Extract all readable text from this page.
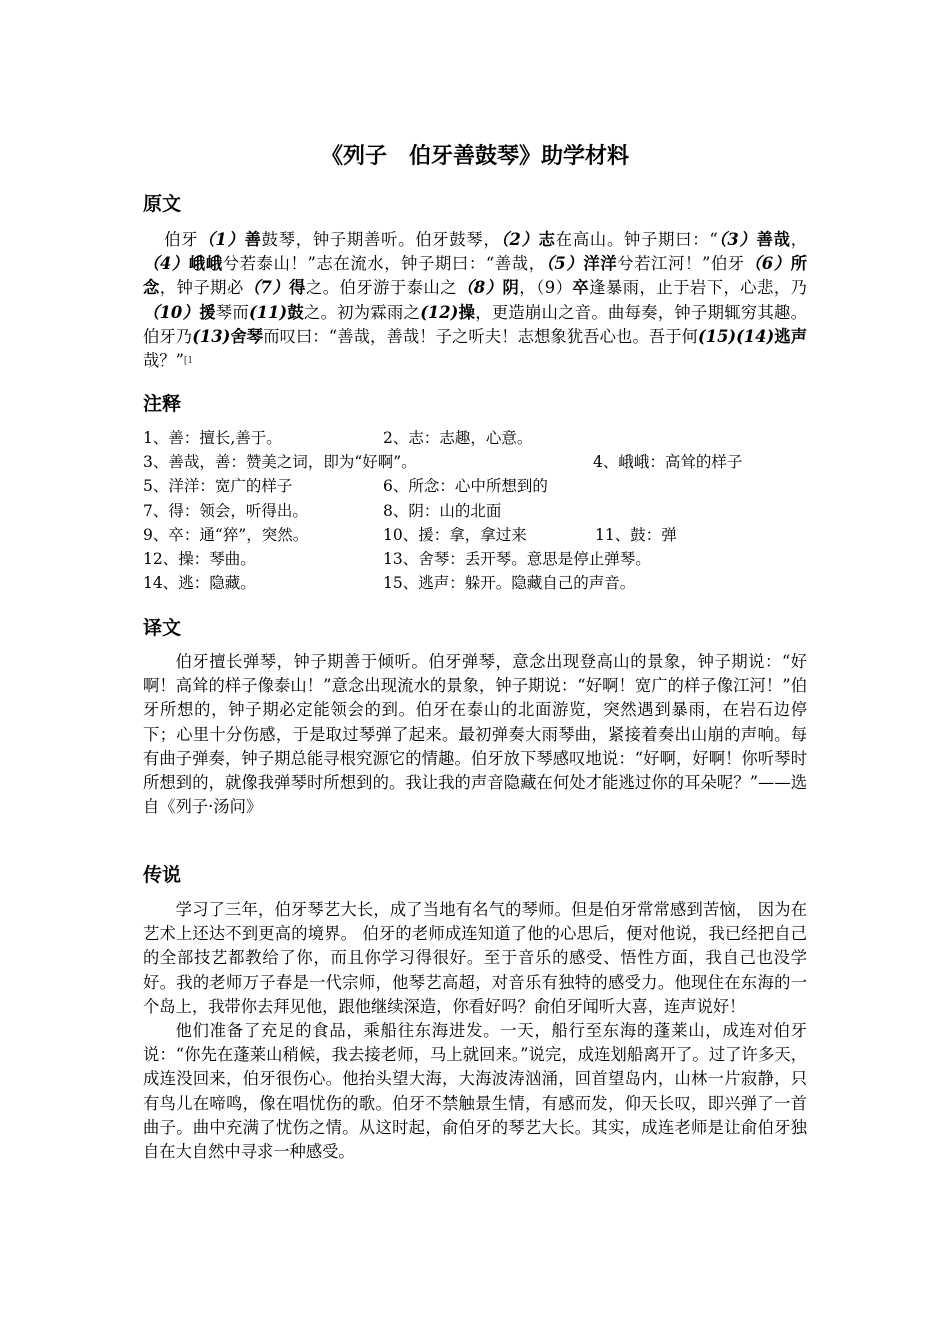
《列子　伯牙善鼓琴》助学材料
原文

伯牙（1）善鼓琴，钟子期善听。伯牙鼓琴，（2）志在高山。钟子期曰：“（3）善哉，（4）峨峨兮若泰山！”志在流水，钟子期曰：“善哉，（5）洋洋兮若江河！”伯牙（6）所念，钟子期必（7）得之。伯牙游于泰山之（8）阴，（9）卒逢暴雨，止于岩下，心悲，乃（10）援琴而(11)鼓之。初为霖雨之(12)操，更造崩山之音。曲每奏，钟子期辄穷其趣。伯牙乃(13)舍琴而叹曰：“善哉，善哉！子之听夫！志想象犹吾心也。吾于何(15)(14)逃声哉？”$^{[1}$

注释
1、善：擅长,善于。	2、志：志趣，心意。
3、善哉，善：赞美之词，即为“好啊”。	4、峨峨：高耸的样子
5、洋洋：宽广的样子	6、所念：心中所想到的
7、得：领会，听得出。	8、阴：山的北面
9、卒：通“猝”，突然。	10、援：拿，拿过来	11、鼓：弹
12、操：琴曲。	13、舍琴：丢开琴。意思是停止弹琴。
14、逃：隐藏。	15、逃声：躲开。隐藏自己的声音。
译文

伯牙擅长弹琴，钟子期善于倾听。伯牙弹琴，意念出现登高山的景象，钟子期说：“好啊！高耸的样子像泰山！”意念出现流水的景象，钟子期说：“好啊！宽广的样子像江河！”伯牙所想的，钟子期必定能领会的到。伯牙在泰山的北面游览，突然遇到暴雨，在岩石边停下；心里十分伤感，于是取过琴弹了起来。最初弹奏大雨琴曲，紧接着奏出山崩的声响。每有曲子弹奏，钟子期总能寻根究源它的情趣。伯牙放下琴感叹地说：“好啊，好啊！你听琴时所想到的，就像我弹琴时所想到的。我让我的声音隐藏在何处才能逃过你的耳朵呢？”——选自《列子·汤问》

传说

学习了三年，伯牙琴艺大长，成了当地有名气的琴师。但是伯牙常常感到苦恼， 因为在艺术上还达不到更高的境界。 伯牙的老师成连知道了他的心思后，便对他说，我已经把自己的全部技艺都教给了你，而且你学习得很好。至于音乐的感受、悟性方面，我自己也没学好。我的老师万子春是一代宗师，他琴艺高超，对音乐有独特的感受力。他现住在东海的一个岛上，我带你去拜见他，跟他继续深造，你看好吗？俞伯牙闻听大喜，连声说好！

他们准备了充足的食品，乘船往东海进发。一天，船行至东海的蓬莱山，成连对伯牙说：“你先在蓬莱山稍候，我去接老师，马上就回来。”说完，成连划船离开了。过了许多天，成连没回来，伯牙很伤心。他抬头望大海，大海波涛汹涌，回首望岛内，山林一片寂静，只有鸟儿在啼鸣，像在唱忧伤的歌。伯牙不禁触景生情，有感而发，仰天长叹，即兴弹了一首曲子。曲中充满了忧伤之情。从这时起，俞伯牙的琴艺大长。其实，成连老师是让俞伯牙独自在大自然中寻求一种感受。
